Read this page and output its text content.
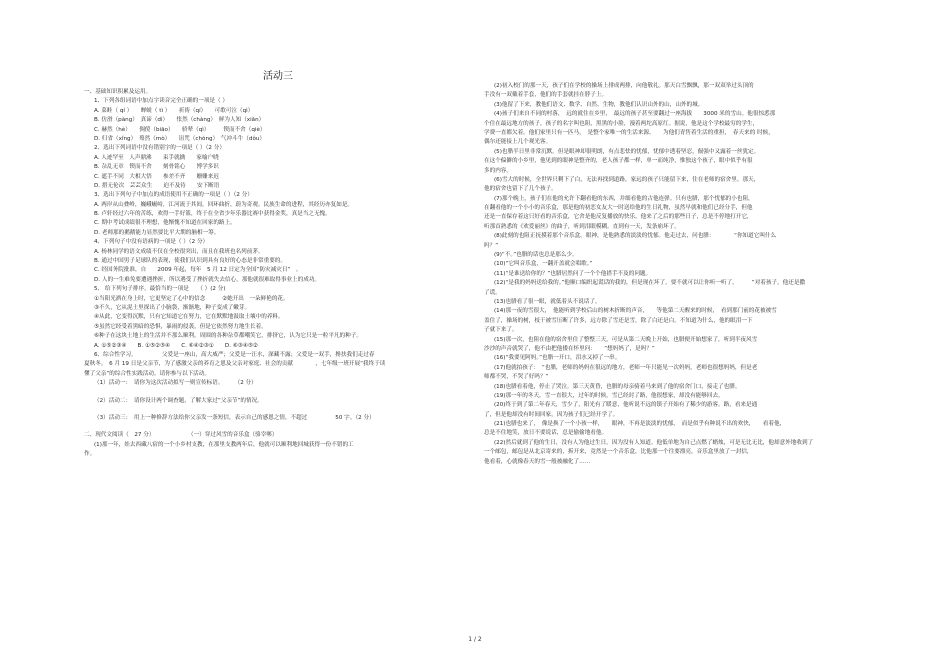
活动三
一、基础知识积累及运用。
1、下列各组词语中加点字读音完全正确的一项是（ ）
A. 菜畦（ qí ）　　蝉蜕（ tì ）　　祈祷（qí）　　可歌可泣（qì）
B. 仿滑（pàng）　真谛（dì）　　怅然（chàng）　鲜为人知（xiǎn）
C. 赫然（hè）　　倜傥（biāo）　　骄辇（qì）　　　锲而不舍（qiè）
D. 归省（xǐng）　蓦然（mò）　　诅咒（chǒng）　气冲斗牛（dǒu）
2、选出下列词语中没有错别字的一项是（ ）（2 分）
A. 人迹罕至　人声鼎沸　　束手就擒　　家喻户晓
B. 杂乱无章　锲而不舍　　刻骨铭心　　博学多识
C. 遮手不同　大相大悟　　参差不齐　　姗姗来迟
D. 措无伦次　芸芸众生　　迫不及待　　安下断语
3、选出下列句子中加点的成语使用不正确的一项是（ ）（2 分）
A. 两岸从山叠岭，巍峨崛峙，江河流于其间，回环曲折，蔚为奇观。民族生命的进程，其经历亦复如是。
B. 卢轩经过六年的苦练，欢得一手好篮，终于在全省少年乐器比赛中获得金奖，真是当之无愧。
C. 期中考试成绩很不理想，他惭愧不知道在回家的路上。
D. 老师那的鹅鹅能力显然要比平大期的脑相一筹。
4、下列句子中没有语病的一项是（ ）（2 分）
A. 杨林同学的语文成绩不仅在全校很突出，而且在我班也名列前茅。
B. 通过中国男子足球队的表现，使我们认识到具有良好的心态是非常重要的。
C. 经国务院批准，自　　2009 年起，每年　5 月 12 日定为全国“防灾减灾日”　。
D. 人的一生难免要遭遇挫折，所以遇受了挫折就失去信心，那他就很难取得事业上的成功。
5、 给下列句子排序，最恰当的一项是　　（ ）(2 分)
①当阳光洒在身上时，它更坚定了心中的信念　　　②她开出　一朵鲜艳的花。
③不久，它从泥土里探出了小脑袋，渐渐地，种子变成了嫩芽。
④从此，它变得沉默，只有它知道它在努力，它在默默地汲取土壤中的养料。
⑤虽然它经受着黑暗的恐惧，暴雨的侵袭，但是它依然努力地生长着。
⑥种子在这块土地上的生活并不那么顺利，周围的各种杂草都嘲笑它，排挤它，认为它只是一粒平凡的种子。
A. ①⑤②③④　　B. ①⑤②⑤④　　C. ⑥④②③①　　D. ⑥③④⑤②
6、综合性学习。　　　　　父爱是一座山，高大威严；父爱是一汪水，深藏不露；父爱是一双手，搀扶我们走过春
夏秋冬。　6 月 19 日是父亲节，为了感激父亲的养育之恩及父亲对家庭、社会的贡献　　　　，七年级一班开展“我终于读
懂了父亲”的综合性实践活动。请你参与以下活动。
（1）活动一：　请你为这次活动拟写一则宣传标语。　　　（2 分）
（2）活动二：　请你设计两个调查题，了解大家过“父亲节”的情况。
（3）活动三：　用上一种修辞方法给你父亲发一条短信，表示自己的感恩之情，不超过　　　　　50 字。（2 分）
二、现代文阅读（　27 分）　　　　　　　（一）穿过风雪的音乐盒（骆宰郸）
(1)那一年，娃去西藏八宿的一个小乡村支教，在那里支教两年后，他就可以顺利地回城获得一份不错的工
作。
(2)初入校门的那一天，孩子们在学校的操场上排成两排，向他敬礼。那天白雪飘飘，那一双双举过头顶的
手没有一双戴着手套，他们的手套就挂在脖子上。
(3)他留了下来，教他们语文、数学、自然、生物，教他们认识山外的山，山外的城。
(4)孩子们来自不同的村落，　远的就住在乡里，　最远的孩子甚至要翻过一座海拔　　3000 米的雪山。他很惊悉那
个住在最远地方的孩子，孩子的名字叫也阻，黑黑的小脸，漫着两坨高原红。据说，他是这个学校最穷的学生，
学费一直都欠着。他们家里只有一匹马，　是整个家唯一的生活来源。　　为他们青售着生活的重担，　春天来的 时候，
偶尔还能接上几个观光客。
(5)也腊半日里非常沉默。但是眼神却很明朗，有点悲怯的忧郁，忧郁中透着坚忍，倔强中又露着一丝犹定。
在这个偏僻的小乡里，他见到的眼神是整齐的，老人孩子都一样，单一而纯净，惟独这个孩子，眼中似乎有很
多的内容。
(6)雪大的时候，全世界只剩下了白，无法再找到道路，家远的孩子只能留下来，住在老师的宿舍里。那天，
他的宿舍也留下了几个孩子。
(7)那个晚上，孩子们在他的允许下翻看他的东西，并细看他的古他连弹。只有也腊，那个忧郁的小也阻，
在翻看他的一个小小的音乐盒，那是他的初恋女友大一时送给他的生日礼物，虽然早就和他们已经分手，但他
还是一直保存着这只好看的音乐盒，它舍是他反复播放的快乐。他来了之后的那些日子，总是不停地打开它，
听那首熟悉的《欢爱丽丝》的曲子，听到泪眼模糊。直到有一天，发条崩坏了。
(8)此刻的也阻正抚摸着那个音乐盒。眼神，是他熟悉的淡淡的忧郁。他走过去，问也腊：　　　　“你知道它叫什么
吗？”
(9)“不。”也腊的话也总是那么少。
(10)“它叫音乐盒，一翻开盖就会唱歌。”
(11)“是谁送给你的？”也腊居然问了一个个他措手不及的问题。
(12)“是我的妈妈送给我的。”他顺口编织起谎话的我的，但是现在坏了，要不就可以让你听一听了。　　　”对着孩子，他还是撒
了谎。
(13)也腊看了很一眼，就低着头不说话了。
(14)那一夜的雪很大，　他能听到学校后山的树木折断的声音，　　等他第二天醒来的时候，　看到那门前的花被被雪
盖住了，操场的树，枝干被雪压断了许多，远方除了雪还是雪，除了白还是白。不知道为什么，他的眼泪一下
子就下来了。
(15)那一次，也阻在他的宿舍里住了整整三天，可是从第二天晚上开始，也腊便开始想家了，听到半夜风雪
沙沙的声音就哭了，他不由把他搂在怀里问：　　“想妈妈了，是吗？”
(16)“我要见阿妈。”也腊一开口，泪水又掉了一串。
(17)他就拍孩子：　“也腊，老师的妈妈在很远的地方，老师一年只能见一次妈妈，老师也很想妈妈，但是老
师都不哭，不哭了好吗？”
(18)也腊看着他，停止了哭泣。第三天黄昏，也腊的母亲骑着马来到了他的宿舍门口，接走了也腊。
(19)那一年的冬天，雪一直很大，过年的时候，雪已经封了路，他很想家，却没有能够回去。
(20)终于到了第二年春天，雪少了，阳光有了暖意，他听说不远的镇子开始有了稀少的游客。路，看来是通
了，但是他却没有时间回家，因为孩子们已经开学了。
(21)也腊也来了，　像是换了一个小孩一样，　　眼神，不再是淡淡的忧郁，　而是似乎有种说不出的欢快，　　看着他，
总是不住地笑，放日不要说话，总是偷偷地看他。
(22)然后就到了他的生日，没有人为他过生日，因为没有人知道。他低单地为自己点燃了蜡烛，可是无比无比，他却意外地收到了
一个邮包，邮包是从北京寄来的，拆开来，竟然是一个音乐盒，比他那一个往要漂亮。音乐盒里放了一封信，
他看着，心就像春天的雪一般被融化了……
1 / 2
